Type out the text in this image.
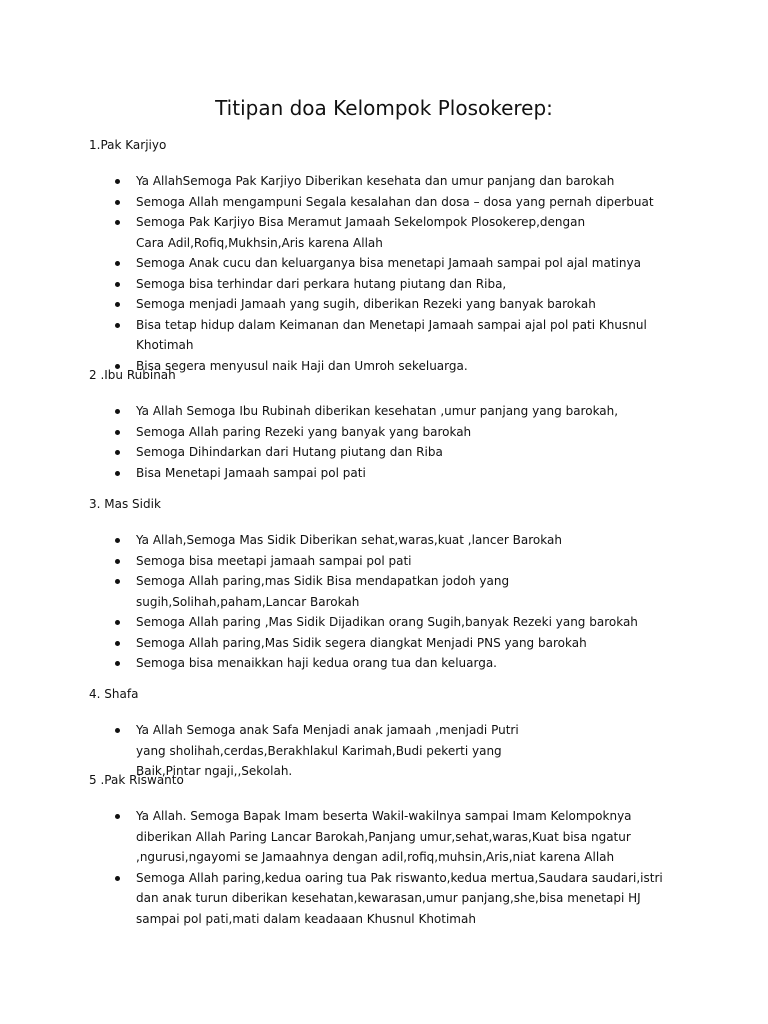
Titipan doa Kelompok Plosokerep:
1.Pak Karjiyo
Ya AllahSemoga Pak Karjiyo Diberikan kesehata dan umur panjang dan barokah
Semoga Allah mengampuni Segala kesalahan dan dosa – dosa yang pernah diperbuat
Semoga Pak Karjiyo Bisa Meramut Jamaah Sekelompok Plosokerep,dengan Cara Adil,Rofiq,Mukhsin,Aris karena Allah
Semoga Anak cucu dan keluarganya bisa menetapi Jamaah sampai pol ajal matinya
Semoga bisa terhindar dari perkara hutang piutang dan Riba,
Semoga menjadi Jamaah yang sugih, diberikan Rezeki yang banyak barokah
Bisa tetap hidup dalam Keimanan dan Menetapi Jamaah sampai ajal pol pati Khusnul Khotimah
Bisa segera menyusul naik Haji dan Umroh sekeluarga.
2 .Ibu Rubinah
Ya Allah Semoga Ibu Rubinah diberikan kesehatan ,umur panjang yang barokah,
Semoga Allah paring Rezeki yang banyak yang barokah
Semoga Dihindarkan dari Hutang piutang dan Riba
Bisa Menetapi Jamaah sampai pol pati
3. Mas Sidik
Ya Allah,Semoga Mas Sidik Diberikan sehat,waras,kuat ,lancer Barokah
Semoga bisa meetapi jamaah sampai pol pati
Semoga Allah paring,mas Sidik Bisa mendapatkan jodoh yang sugih,Solihah,paham,Lancar Barokah
Semoga Allah paring ,Mas Sidik Dijadikan orang Sugih,banyak Rezeki yang barokah
Semoga Allah paring,Mas Sidik segera diangkat Menjadi PNS yang barokah
Semoga bisa menaikkan haji kedua orang tua dan keluarga.
4. Shafa
Ya Allah Semoga anak Safa Menjadi anak jamaah ,menjadi Putri yang sholihah,cerdas,Berakhlakul Karimah,Budi pekerti yang Baik,Pintar ngaji,,Sekolah.
5 .Pak Riswanto
Ya Allah. Semoga Bapak Imam beserta Wakil-wakilnya sampai Imam Kelompoknya diberikan Allah Paring Lancar Barokah,Panjang umur,sehat,waras,Kuat bisa ngatur ,ngurusi,ngayomi se Jamaahnya dengan adil,rofiq,muhsin,Aris,niat karena Allah
Semoga Allah paring,kedua oaring tua Pak riswanto,kedua mertua,Saudara saudari,istri dan anak turun diberikan kesehatan,kewarasan,umur panjang,she,bisa menetapi HJ sampai pol pati,mati dalam keadaaan Khusnul Khotimah
